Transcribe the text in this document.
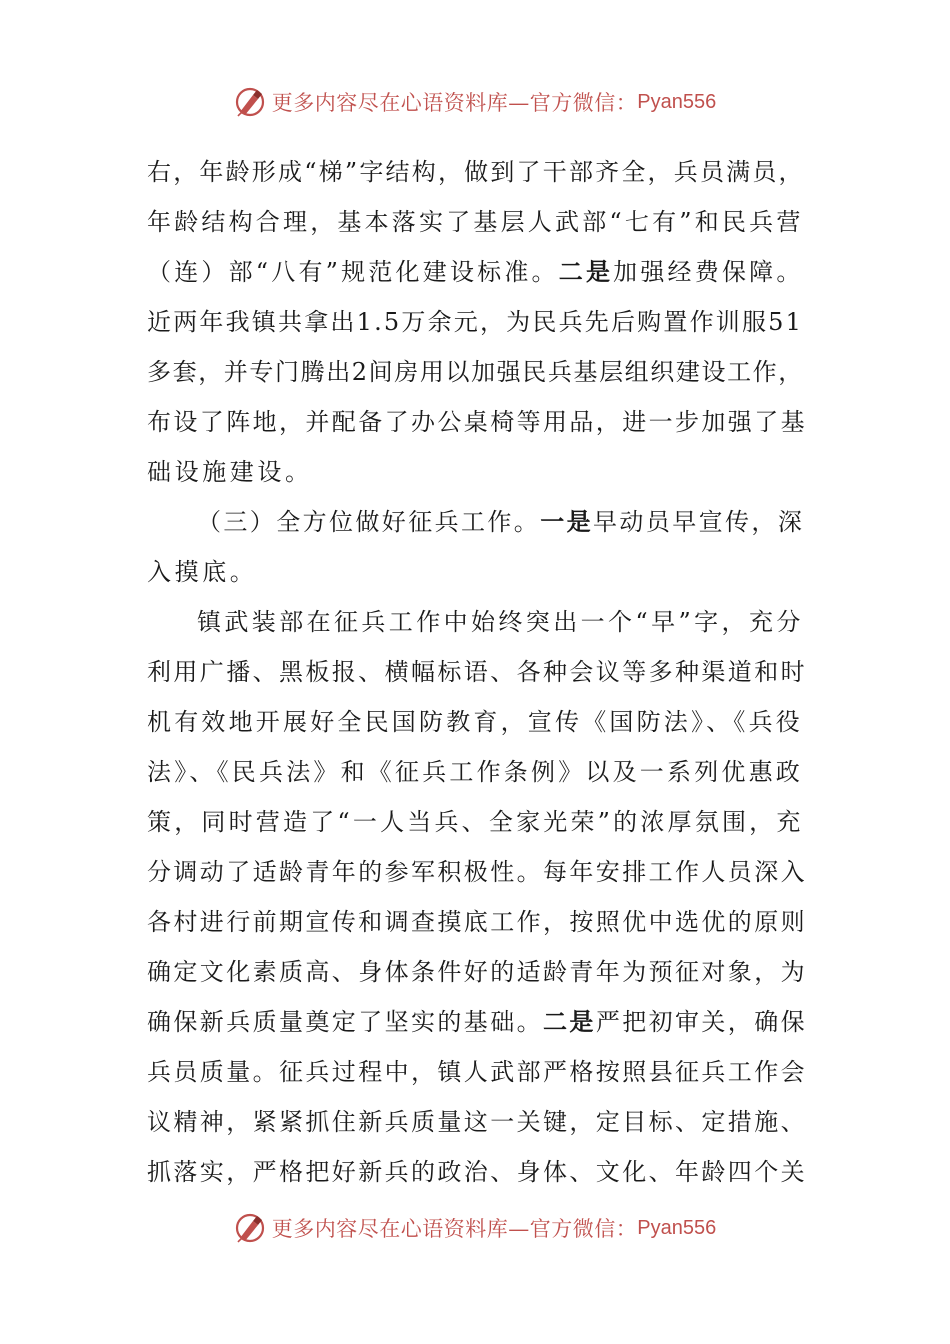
更多内容尽在心语资料库—官方微信： Pyan556
右，年龄形成“梯”字结构，做到了干部齐全，兵员满员，
年龄结构合理，基本落实了基层人武部“七有”和民兵营
（连）部“八有”规范化建设标准。二是加强经费保障。
近两年我镇共拿出1.5万余元，为民兵先后购置作训服51
多套，并专门腾出2间房用以加强民兵基层组织建设工作，
布设了阵地，并配备了办公桌椅等用品，进一步加强了基
础设施建设。
（三）全方位做好征兵工作。一是早动员早宣传，深
入摸底。
镇武装部在征兵工作中始终突出一个“早”字，充分
利用广播、黑板报、横幅标语、各种会议等多种渠道和时
机有效地开展好全民国防教育，宣传《国防法》、《兵役
法》、《民兵法》和《征兵工作条例》以及一系列优惠政
策，同时营造了“一人当兵、全家光荣”的浓厚氛围，充
分调动了适龄青年的参军积极性。每年安排工作人员深入
各村进行前期宣传和调查摸底工作，按照优中选优的原则
确定文化素质高、身体条件好的适龄青年为预征对象，为
确保新兵质量奠定了坚实的基础。二是严把初审关，确保
兵员质量。征兵过程中，镇人武部严格按照县征兵工作会
议精神，紧紧抓住新兵质量这一关键，定目标、定措施、
抓落实，严格把好新兵的政治、身体、文化、年龄四个关
更多内容尽在心语资料库—官方微信： Pyan556
